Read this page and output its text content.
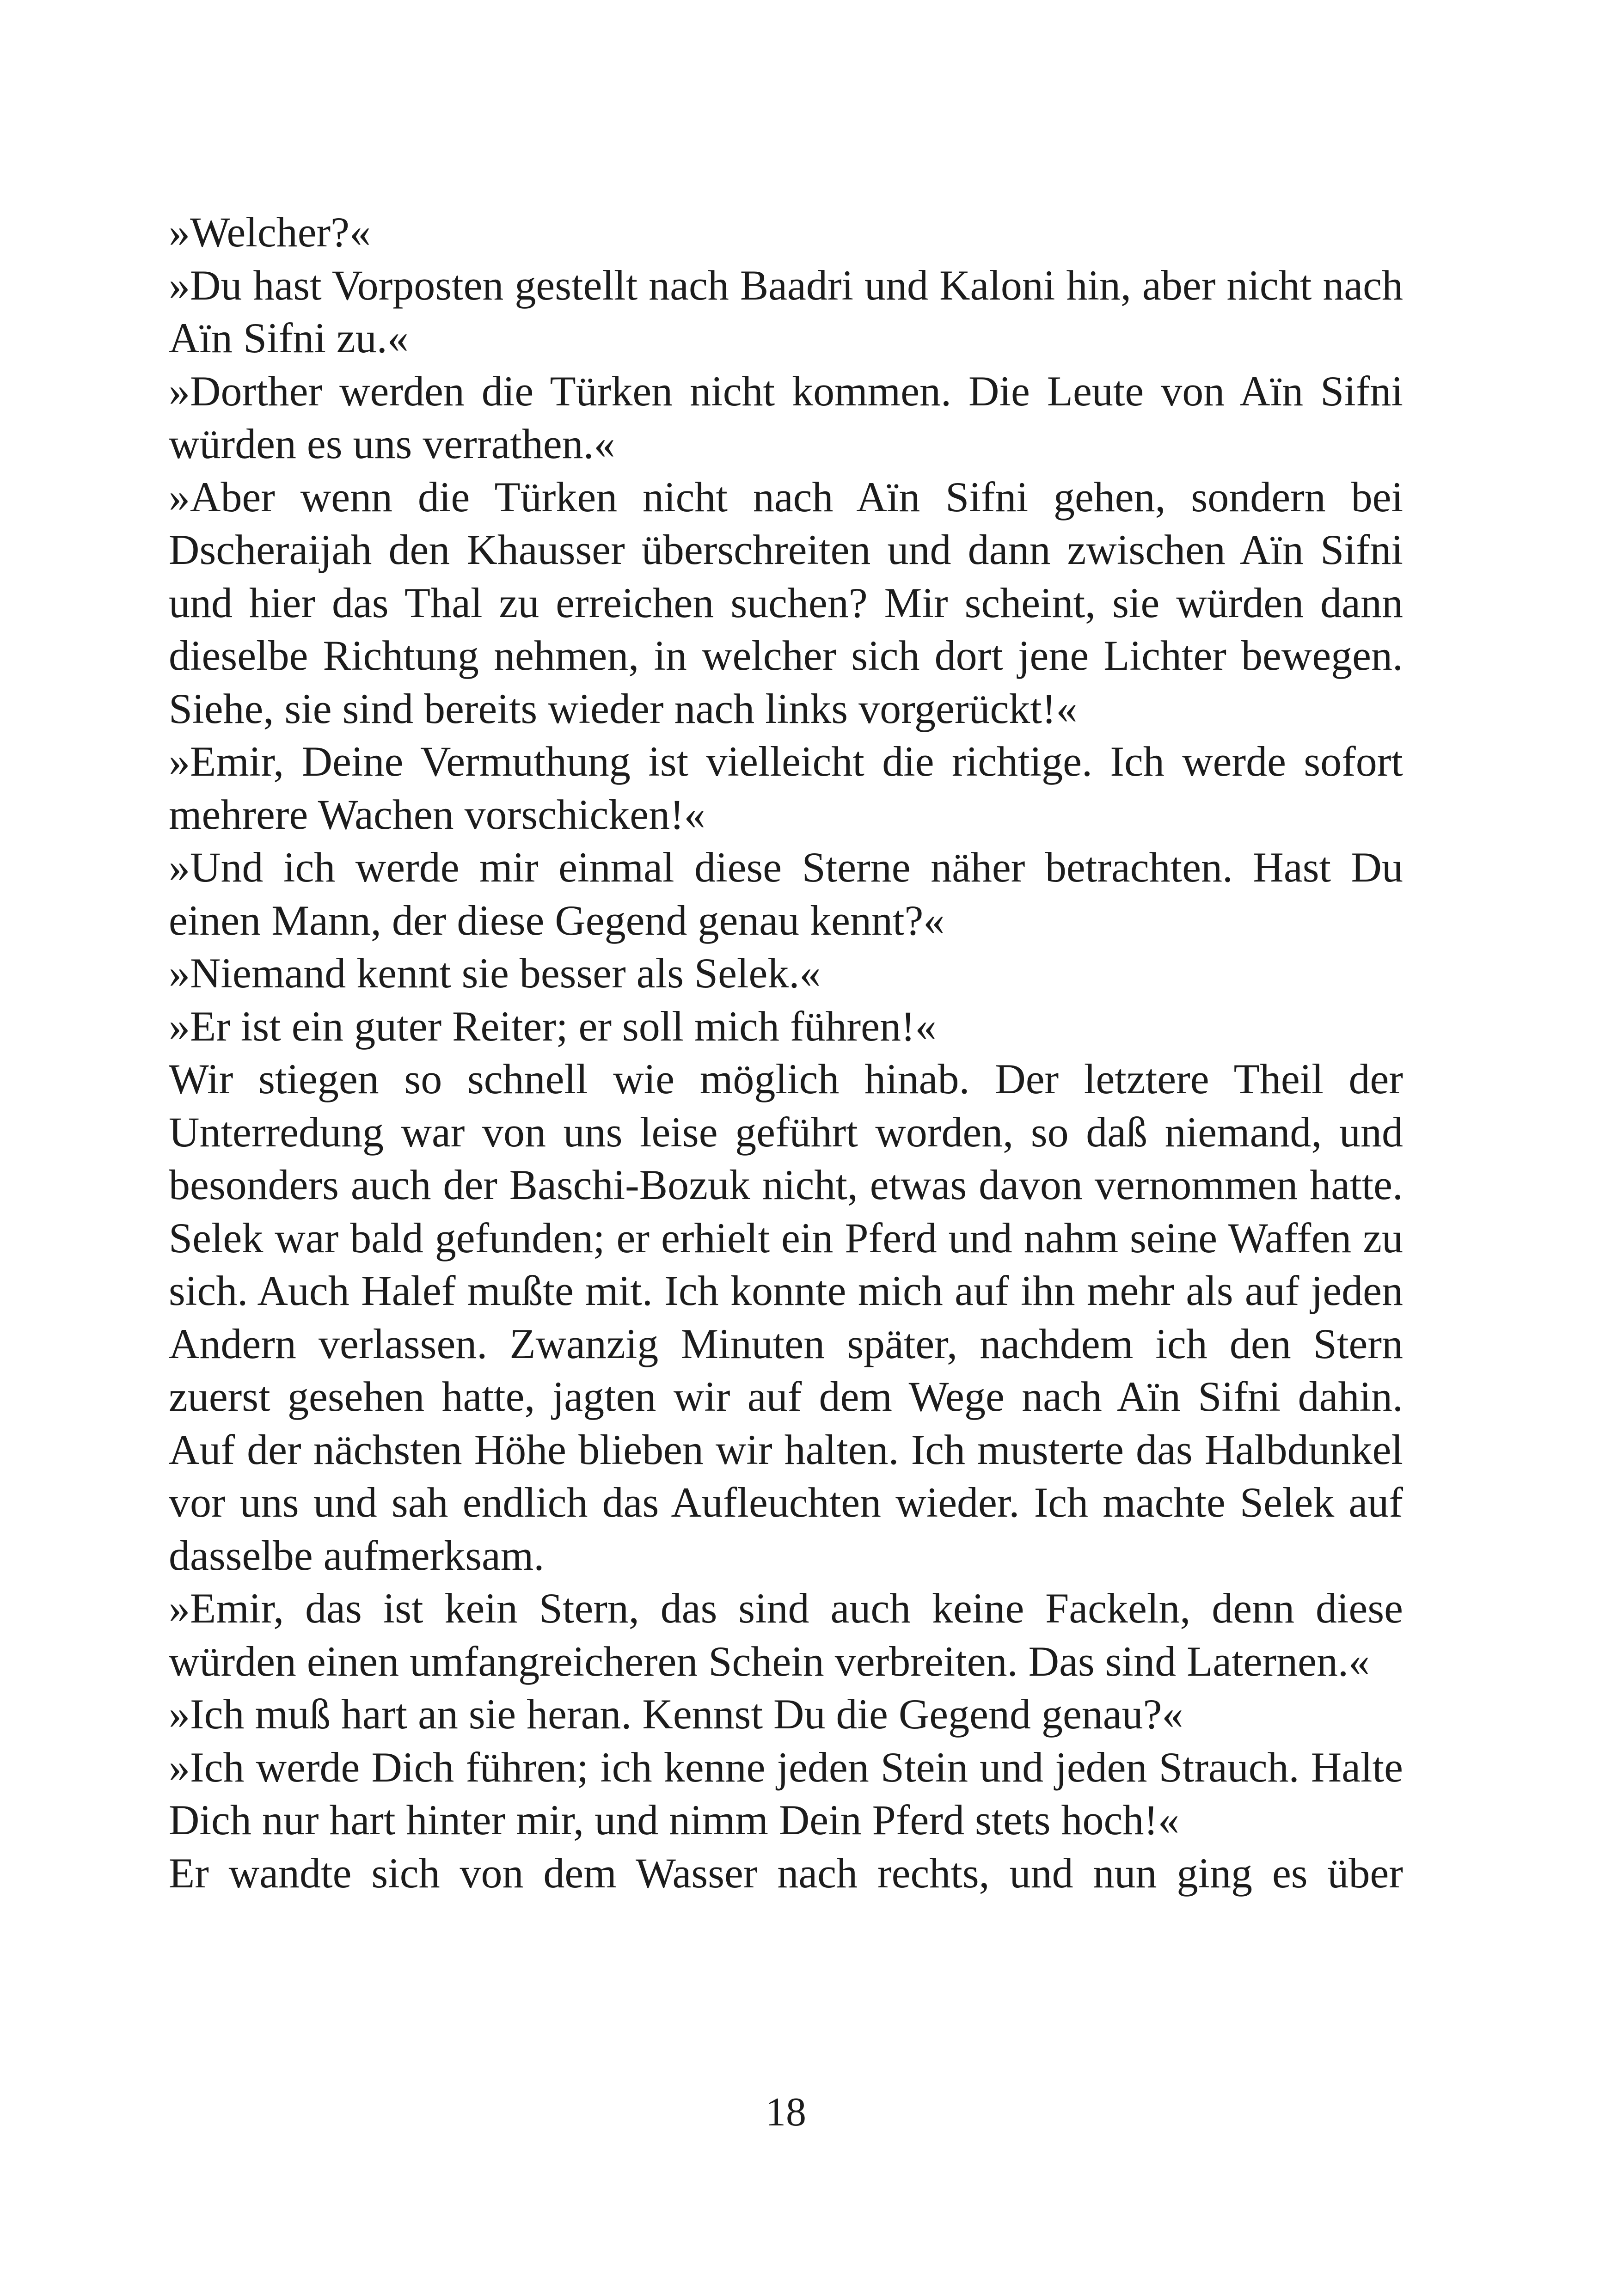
»Welcher?«

»Du hast Vorposten gestellt nach Baadri und Kaloni hin, aber nicht nach Aïn Sifni zu.«

»Dorther werden die Türken nicht kommen. Die Leute von Aïn Sifni würden es uns verrathen.«

»Aber wenn die Türken nicht nach Aïn Sifni gehen, sondern bei Dscheraijah den Khausser überschreiten und dann zwischen Aïn Sifni und hier das Thal zu erreichen suchen? Mir scheint, sie würden dann dieselbe Richtung nehmen, in welcher sich dort jene Lichter bewegen. Siehe, sie sind bereits wieder nach links vorgerückt!«

»Emir, Deine Vermuthung ist vielleicht die richtige. Ich werde sofort mehrere Wachen vorschicken!«

»Und ich werde mir einmal diese Sterne näher betrachten. Hast Du einen Mann, der diese Gegend genau kennt?«

»Niemand kennt sie besser als Selek.«

»Er ist ein guter Reiter; er soll mich führen!«

Wir stiegen so schnell wie möglich hinab. Der letztere Theil der Unterredung war von uns leise geführt worden, so daß niemand, und besonders auch der Baschi-Bozuk nicht, etwas davon vernommen hatte. Selek war bald gefunden; er erhielt ein Pferd und nahm seine Waffen zu sich. Auch Halef mußte mit. Ich konnte mich auf ihn mehr als auf jeden Andern verlassen. Zwanzig Minuten später, nachdem ich den Stern zuerst gesehen hatte, jagten wir auf dem Wege nach Aïn Sifni dahin. Auf der nächsten Höhe blieben wir halten. Ich musterte das Halbdunkel vor uns und sah endlich das Aufleuchten wieder. Ich machte Selek auf dasselbe aufmerksam.

»Emir, das ist kein Stern, das sind auch keine Fackeln, denn diese würden einen umfangreicheren Schein verbreiten. Das sind Laternen.«

»Ich muß hart an sie heran. Kennst Du die Gegend genau?«

»Ich werde Dich führen; ich kenne jeden Stein und jeden Strauch. Halte Dich nur hart hinter mir, und nimm Dein Pferd stets hoch!«

Er wandte sich von dem Wasser nach rechts, und nun ging es über

18
